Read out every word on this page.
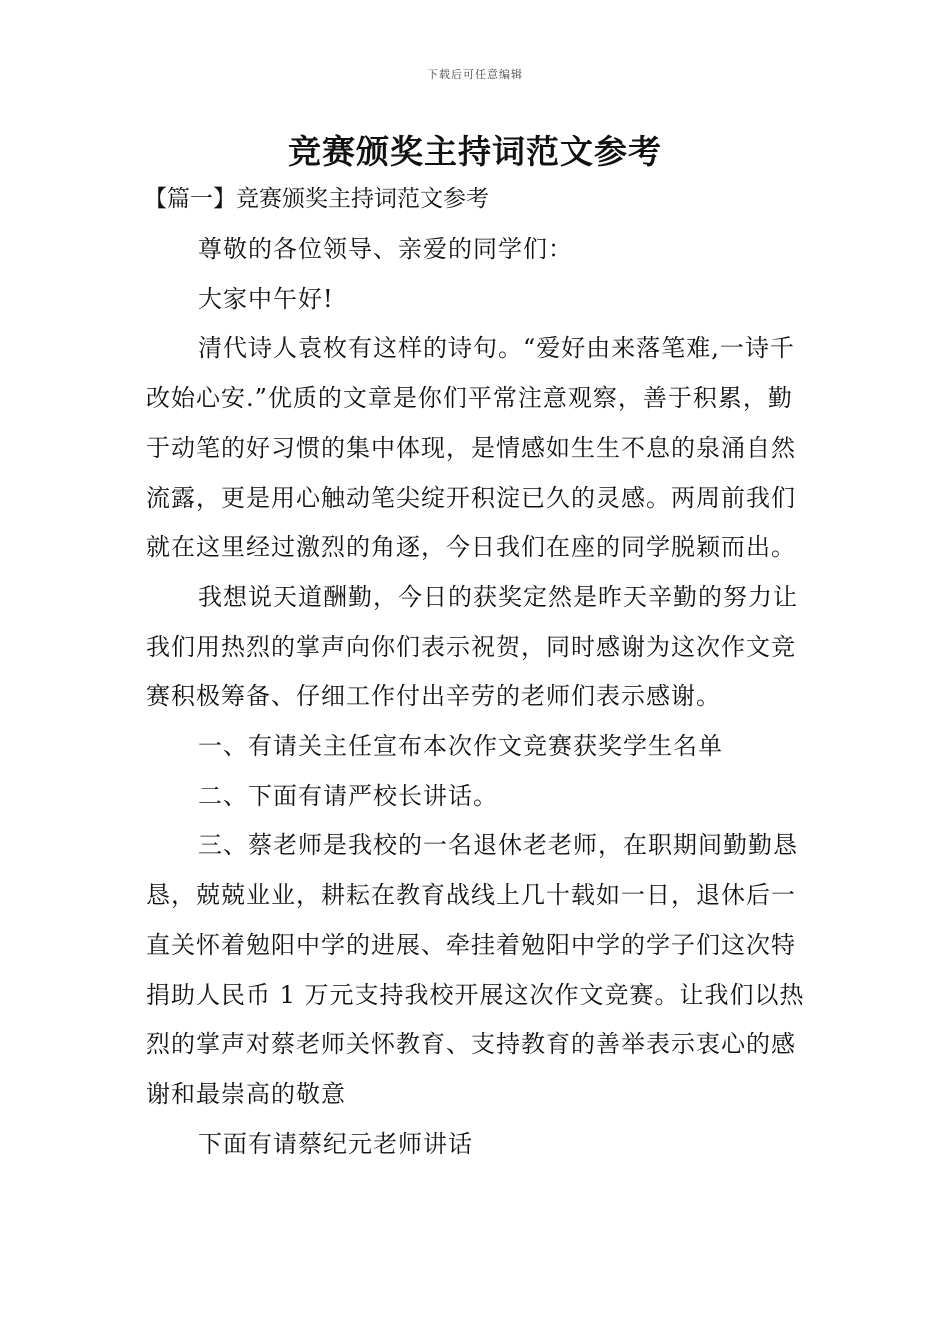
下载后可任意编辑
竞赛颁奖主持词范文参考
【篇一】竞赛颁奖主持词范文参考

尊敬的各位领导、亲爱的同学们：

大家中午好!

清代诗人袁枚有这样的诗句。“爱好由来落笔难,一诗千改始心安.”优质的文章是你们平常注意观察，善于积累，勤于动笔的好习惯的集中体现，是情感如生生不息的泉涌自然流露，更是用心触动笔尖绽开积淀已久的灵感。两周前我们就在这里经过激烈的角逐，今日我们在座的同学脱颖而出。

我想说天道酬勤，今日的获奖定然是昨天辛勤的努力让我们用热烈的掌声向你们表示祝贺，同时感谢为这次作文竞赛积极筹备、仔细工作付出辛劳的老师们表示感谢。

一、有请关主任宣布本次作文竞赛获奖学生名单

二、下面有请严校长讲话。

三、蔡老师是我校的一名退休老老师，在职期间勤勤恳恳，兢兢业业，耕耘在教育战线上几十载如一日，退休后一直关怀着勉阳中学的进展、牵挂着勉阳中学的学子们这次特捐助人民币 1 万元支持我校开展这次作文竞赛。让我们以热烈的掌声对蔡老师关怀教育、支持教育的善举表示衷心的感谢和最崇高的敬意

下面有请蔡纪元老师讲话
